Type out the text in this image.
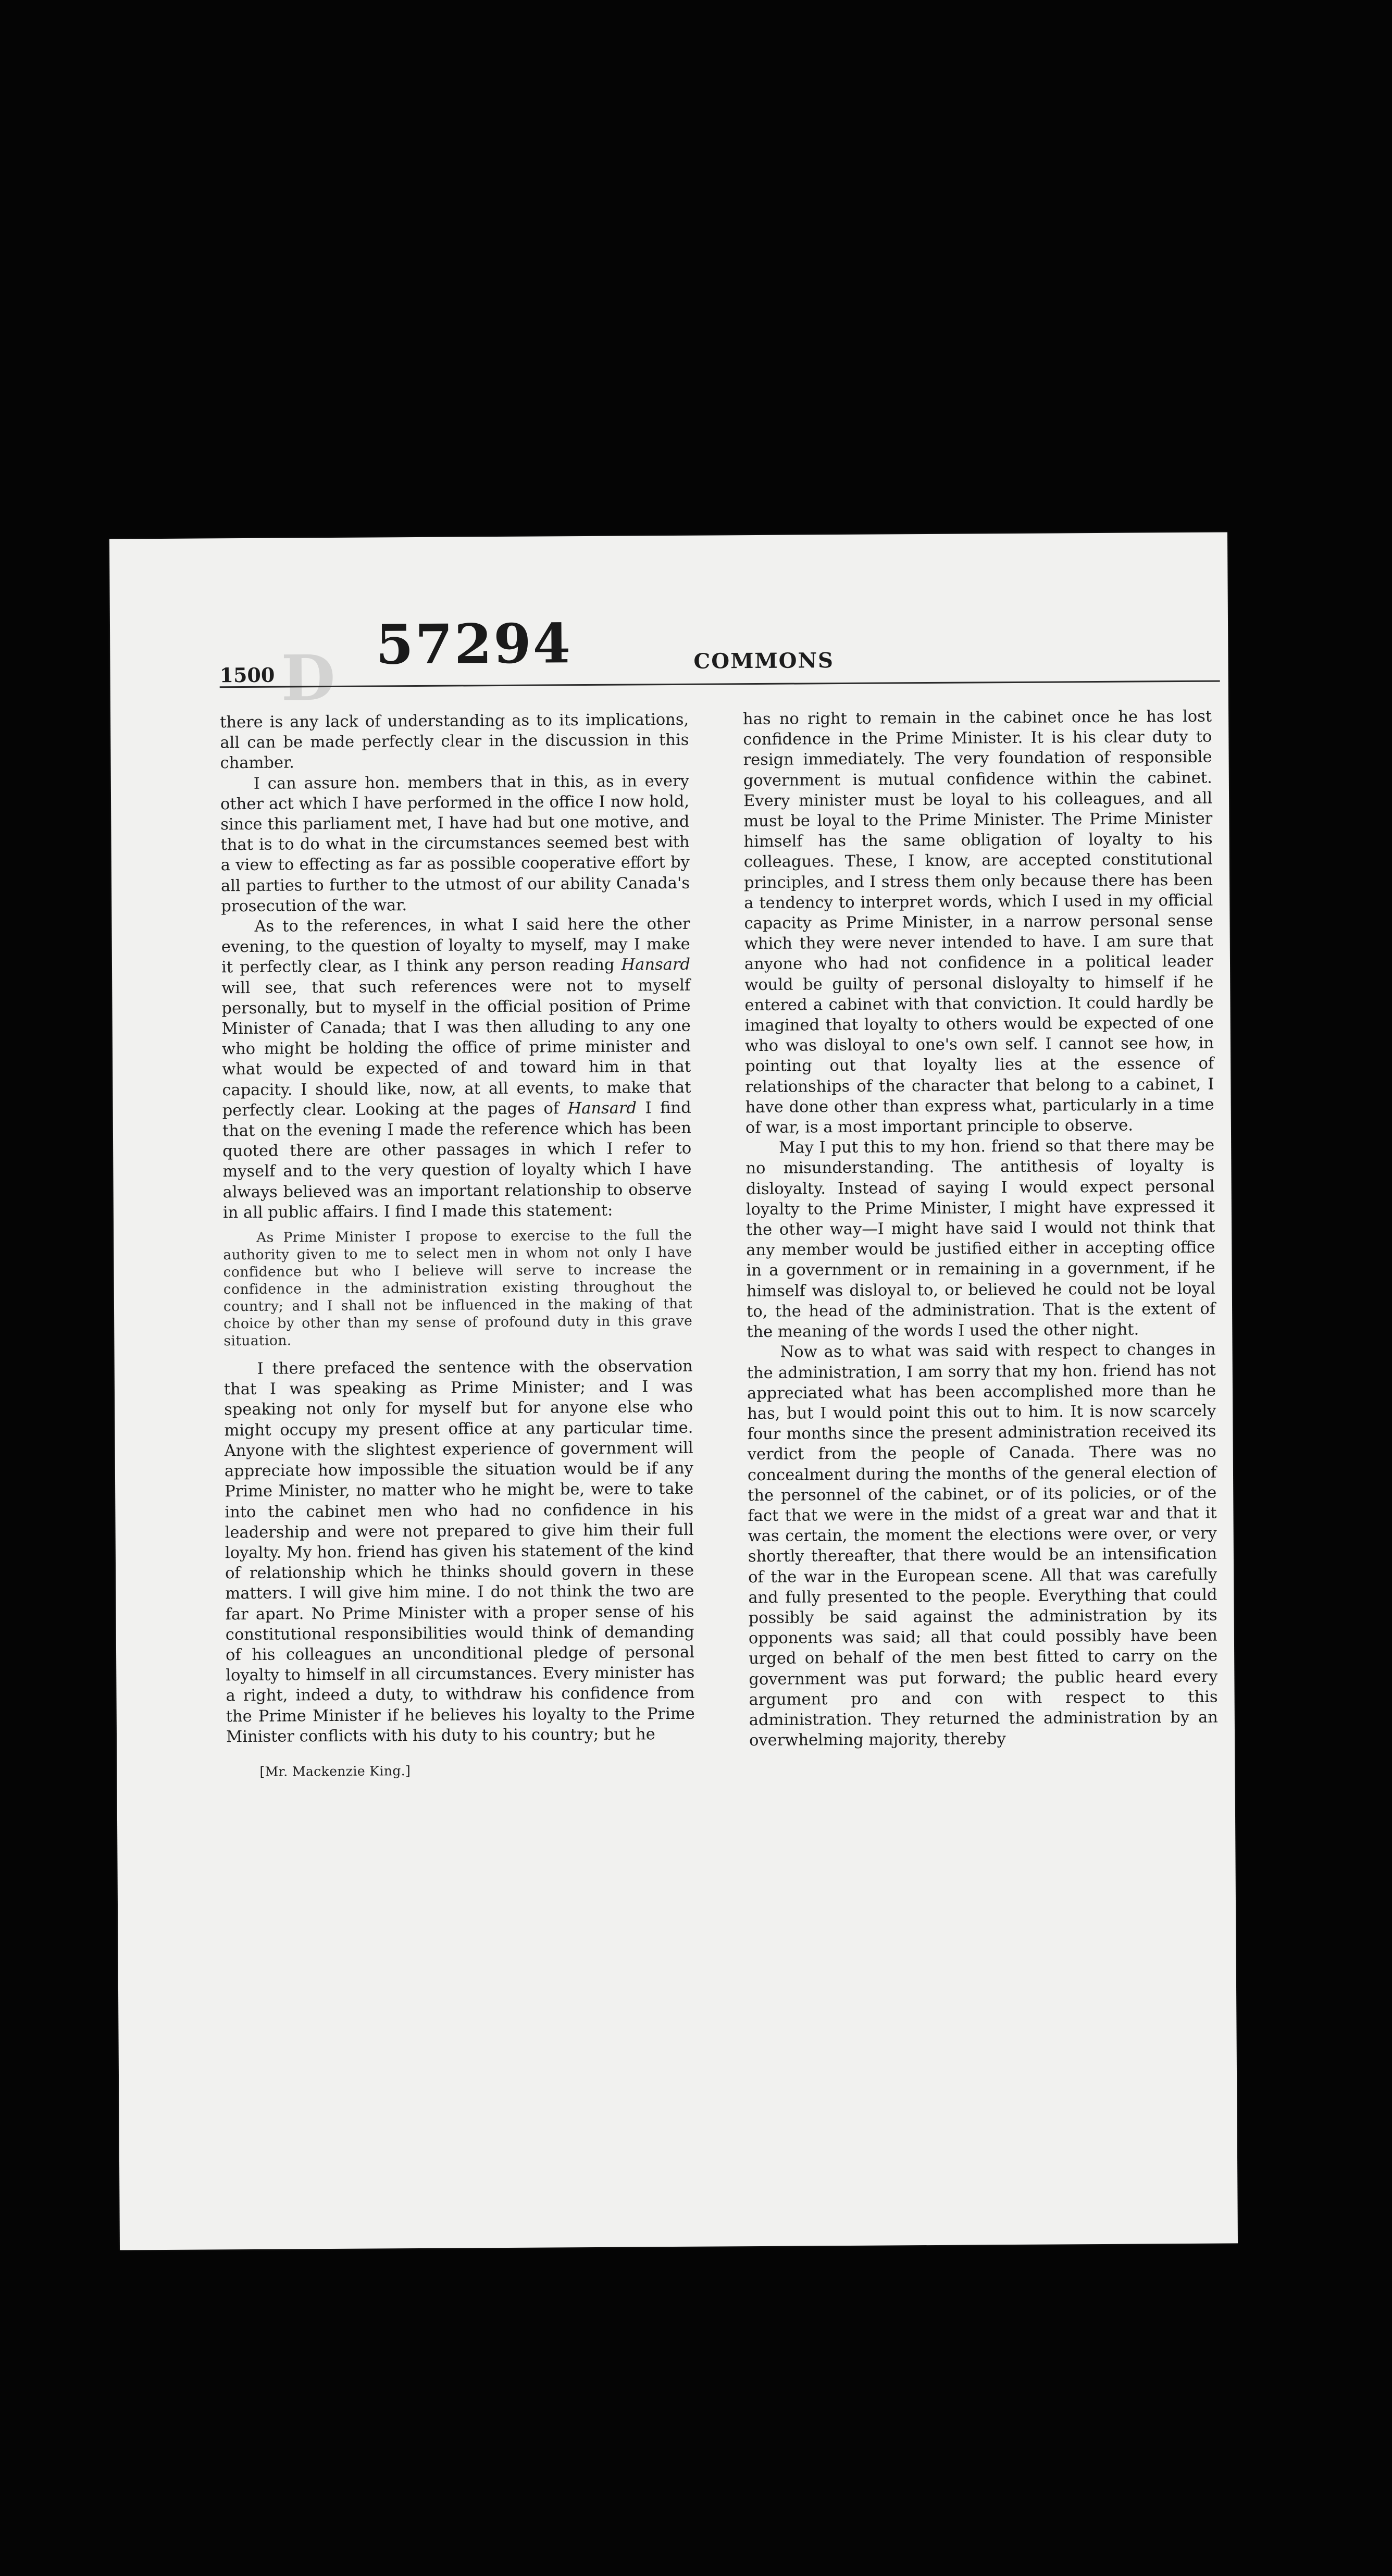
D
1500 57294	COMMONS

there is any lack of understanding as to its implications, all can be made perfectly clear in the discussion in this chamber.

I can assure hon. members that in this, as in every other act which I have performed in the office I now hold, since this parliament met, I have had but one motive, and that is to do what in the circumstances seemed best with a view to effecting as far as possible cooperative effort by all parties to further to the utmost of our ability Canada's prosecution of the war.

As to the references, in what I said here the other evening, to the question of loyalty to myself, may I make it perfectly clear, as I think any person reading Hansard will see, that such references were not to myself personally, but to myself in the official position of Prime Minister of Canada; that I was then alluding to any one who might be holding the office of prime minister and what would be expected of and toward him in that capacity. I should like, now, at all events, to make that perfectly clear. Looking at the pages of Hansard I find that on the evening I made the reference which has been quoted there are other passages in which I refer to myself and to the very question of loyalty which I have always believed was an important relationship to observe in all public affairs. I find I made this statement:

As Prime Minister I propose to exercise to the full the authority given to me to select men in whom not only I have confidence but who I believe will serve to increase the confidence in the administration existing throughout the country; and I shall not be influenced in the making of that choice by other than my sense of profound duty in this grave situation.

I there prefaced the sentence with the observation that I was speaking as Prime Minister; and I was speaking not only for myself but for anyone else who might occupy my present office at any particular time. Anyone with the slightest experience of government will appreciate how impossible the situation would be if any Prime Minister, no matter who he might be, were to take into the cabinet men who had no confidence in his leadership and were not prepared to give him their full loyalty. My hon. friend has given his statement of the kind of relationship which he thinks should govern in these matters. I will give him mine. I do not think the two are far apart. No Prime Minister with a proper sense of his constitutional responsibilities would think of demanding of his colleagues an unconditional pledge of personal loyalty to himself in all circumstances. Every minister has a right, indeed a duty, to withdraw his confidence from the Prime Minister if he believes his loyalty to the Prime Minister conflicts with his duty to his country; but he

[Mr. Mackenzie King.]

has no right to remain in the cabinet once he has lost confidence in the Prime Minister. It is his clear duty to resign immediately. The very foundation of responsible government is mutual confidence within the cabinet. Every minister must be loyal to his colleagues, and all must be loyal to the Prime Minister. The Prime Minister himself has the same obligation of loyalty to his colleagues. These, I know, are accepted constitutional principles, and I stress them only because there has been a tendency to interpret words, which I used in my official capacity as Prime Minister, in a narrow personal sense which they were never intended to have. I am sure that anyone who had not confidence in a political leader would be guilty of personal disloyalty to himself if he entered a cabinet with that conviction. It could hardly be imagined that loyalty to others would be expected of one who was disloyal to one's own self. I cannot see how, in pointing out that loyalty lies at the essence of relationships of the character that belong to a cabinet, I have done other than express what, particularly in a time of war, is a most important principle to observe.

May I put this to my hon. friend so that there may be no misunderstanding. The antithesis of loyalty is disloyalty. Instead of saying I would expect personal loyalty to the Prime Minister, I might have expressed it the other way—I might have said I would not think that any member would be justified either in accepting office in a government or in remaining in a government, if he himself was disloyal to, or believed he could not be loyal to, the head of the administration. That is the extent of the meaning of the words I used the other night.

Now as to what was said with respect to changes in the administration, I am sorry that my hon. friend has not appreciated what has been accomplished more than he has, but I would point this out to him. It is now scarcely four months since the present administration received its verdict from the people of Canada. There was no concealment during the months of the general election of the personnel of the cabinet, or of its policies, or of the fact that we were in the midst of a great war and that it was certain, the moment the elections were over, or very shortly thereafter, that there would be an intensification of the war in the European scene. All that was carefully and fully presented to the people. Everything that could possibly be said against the administration by its opponents was said; all that could possibly have been urged on behalf of the men best fitted to carry on the government was put forward; the public heard every argument pro and con with respect to this administration. They returned the administration by an overwhelming majority, thereby
